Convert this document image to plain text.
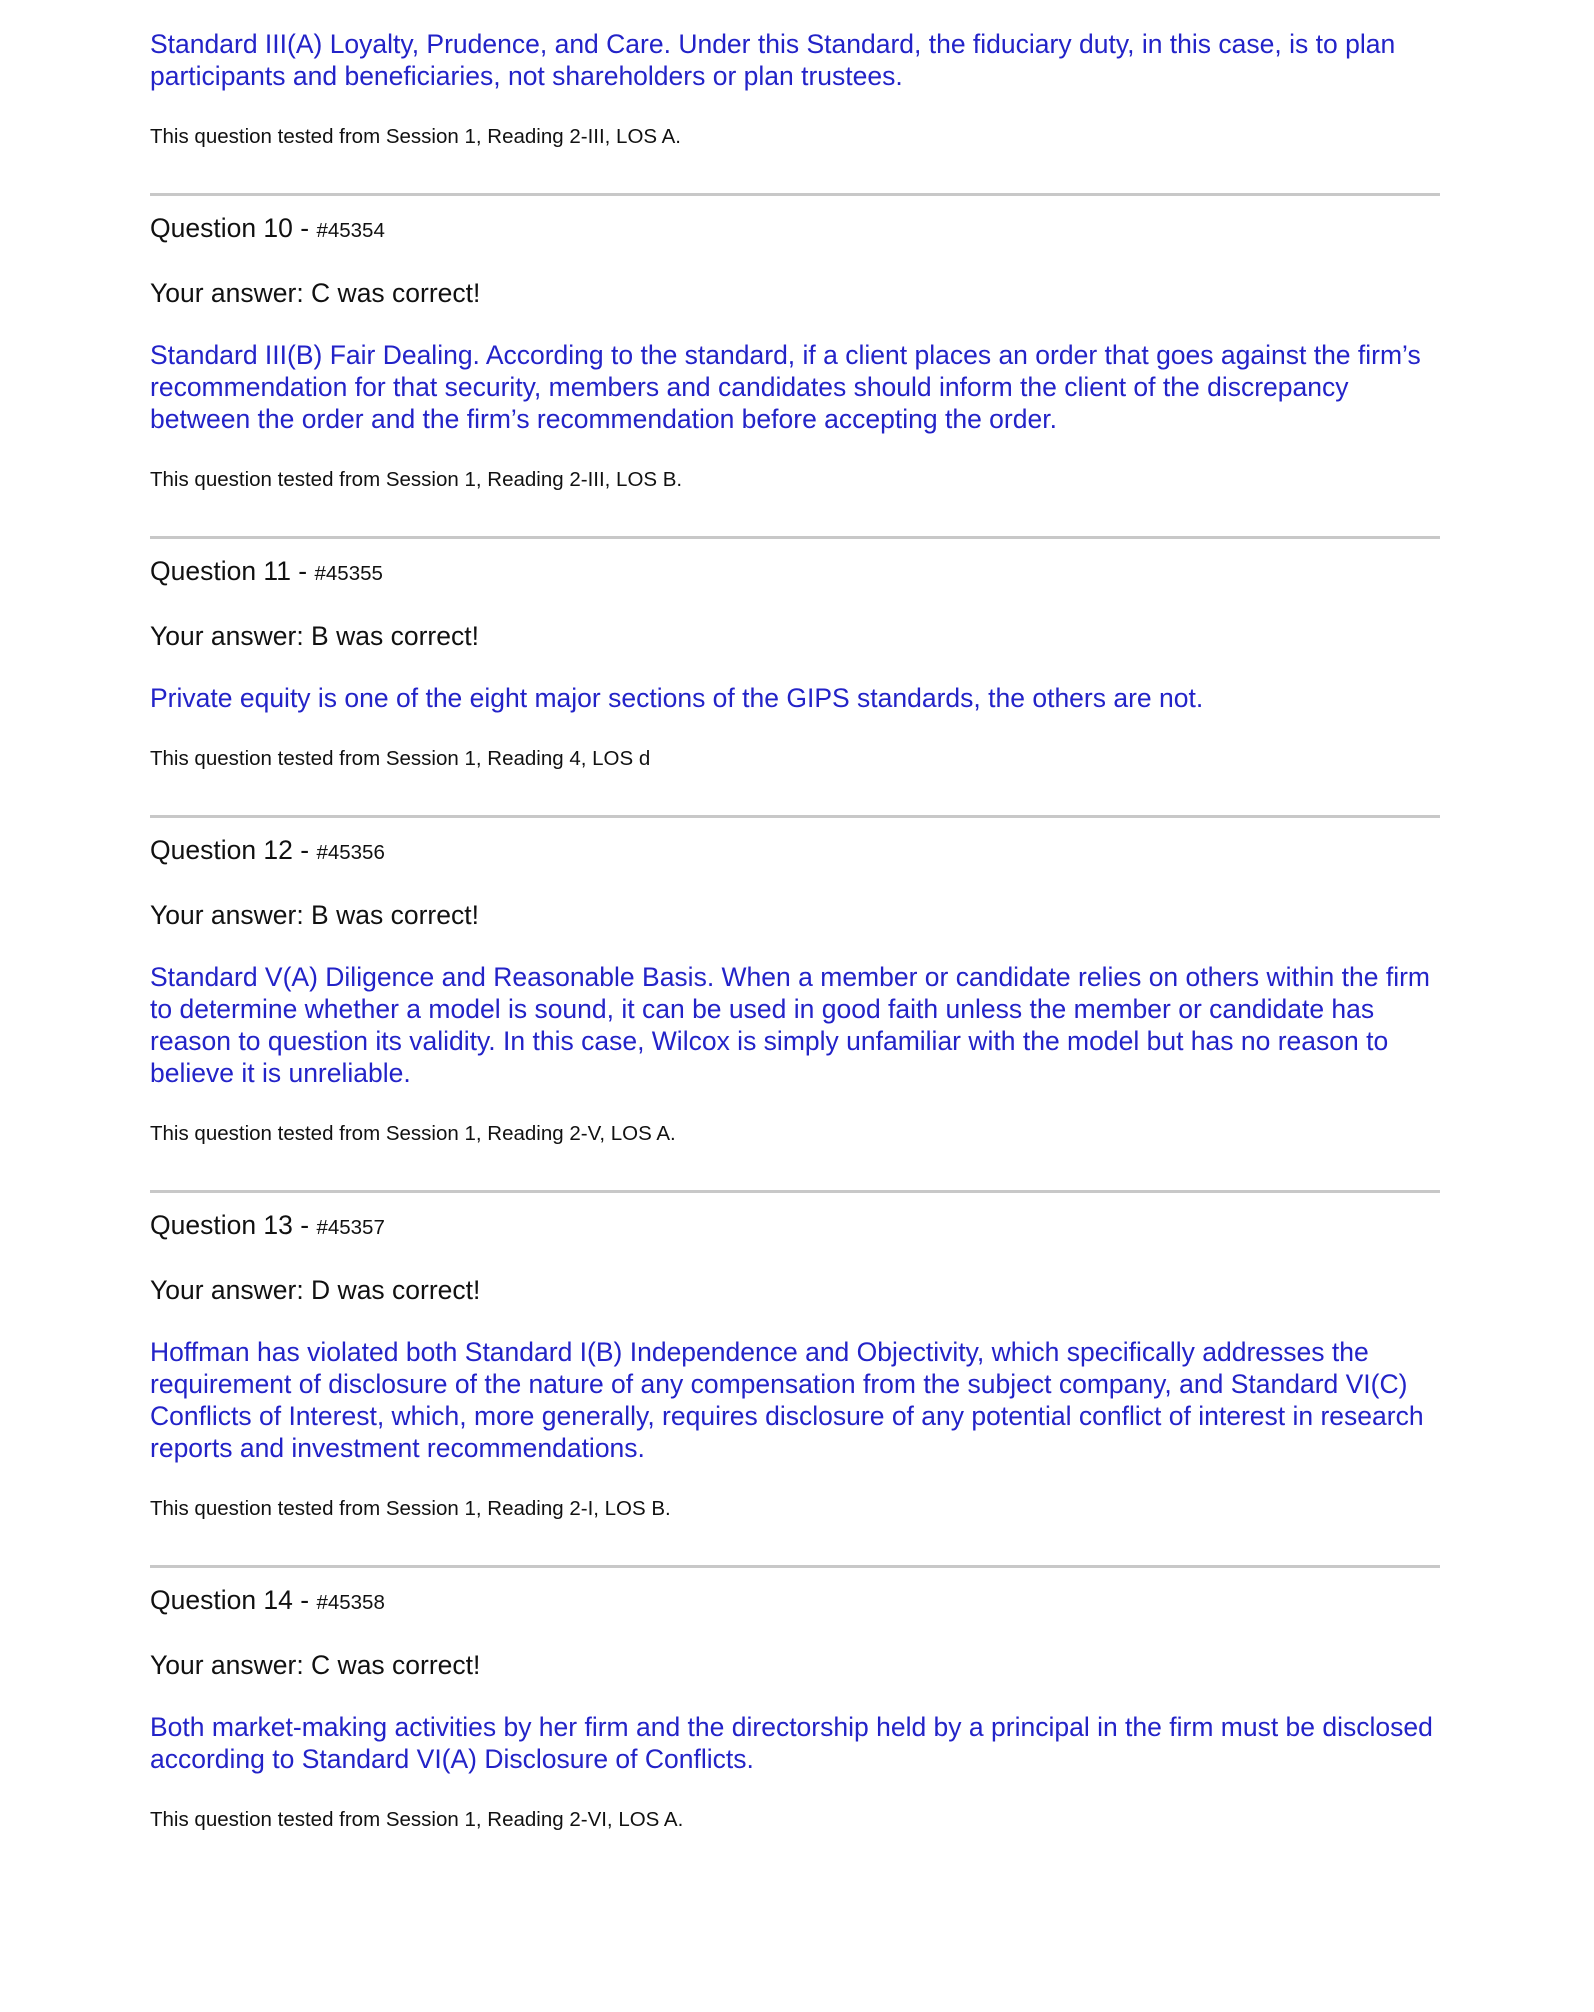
Standard III(A) Loyalty, Prudence, and Care. Under this Standard, the fiduciary duty, in this case, is to plan participants and beneficiaries, not shareholders or plan trustees.

This question tested from Session 1, Reading 2-III, LOS A.

Question 10 - #45354

Your answer: C was correct!

Standard III(B) Fair Dealing. According to the standard, if a client places an order that goes against the firm’s recommendation for that security, members and candidates should inform the client of the discrepancy between the order and the firm’s recommendation before accepting the order.

This question tested from Session 1, Reading 2-III, LOS B.

Question 11 - #45355

Your answer: B was correct!

Private equity is one of the eight major sections of the GIPS standards, the others are not.

This question tested from Session 1, Reading 4, LOS d

Question 12 - #45356

Your answer: B was correct!

Standard V(A) Diligence and Reasonable Basis. When a member or candidate relies on others within the firm to determine whether a model is sound, it can be used in good faith unless the member or candidate has reason to question its validity. In this case, Wilcox is simply unfamiliar with the model but has no reason to believe it is unreliable.

This question tested from Session 1, Reading 2-V, LOS A.

Question 13 - #45357

Your answer: D was correct!

Hoffman has violated both Standard I(B) Independence and Objectivity, which specifically addresses the requirement of disclosure of the nature of any compensation from the subject company, and Standard VI(C) Conflicts of Interest, which, more generally, requires disclosure of any potential conflict of interest in research reports and investment recommendations.

This question tested from Session 1, Reading 2-I, LOS B.

Question 14 - #45358

Your answer: C was correct!

Both market-making activities by her firm and the directorship held by a principal in the firm must be disclosed according to Standard VI(A) Disclosure of Conflicts.

This question tested from Session 1, Reading 2-VI, LOS A.
